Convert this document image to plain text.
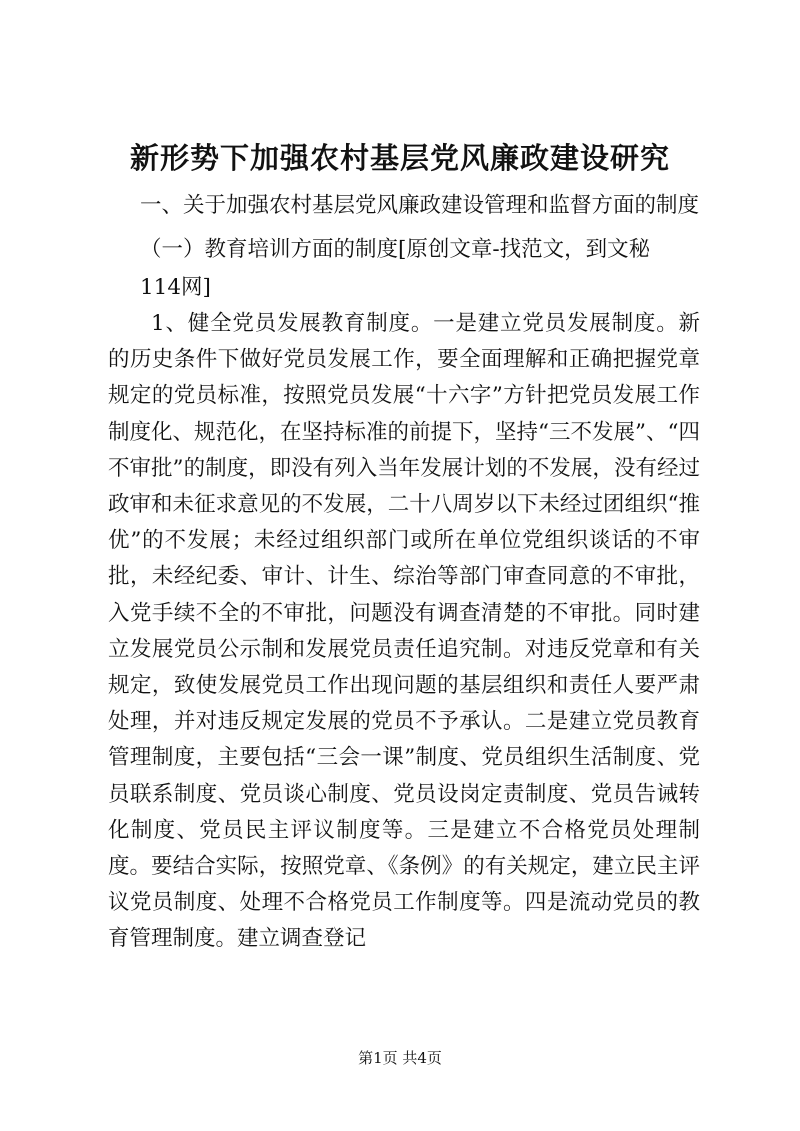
新形势下加强农村基层党风廉政建设研究
一、关于加强农村基层党风廉政建设管理和监督方面的制度
（一）教育培训方面的制度[原创文章-找范文，到文秘
114网]

1、健全党员发展教育制度。一是建立党员发展制度。新的历史条件下做好党员发展工作，要全面理解和正确把握党章规定的党员标准，按照党员发展“十六字”方针把党员发展工作制度化、规范化，在坚持标准的前提下，坚持“三不发展”、“四不审批”的制度，即没有列入当年发展计划的不发展，没有经过政审和未征求意见的不发展，二十八周岁以下未经过团组织“推优”的不发展；未经过组织部门或所在单位党组织谈话的不审批，未经纪委、审计、计生、综治等部门审查同意的不审批，入党手续不全的不审批，问题没有调查清楚的不审批。同时建立发展党员公示制和发展党员责任追究制。对违反党章和有关规定，致使发展党员工作出现问题的基层组织和责任人要严肃处理，并对违反规定发展的党员不予承认。二是建立党员教育管理制度，主要包括“三会一课”制度、党员组织生活制度、党员联系制度、党员谈心制度、党员设岗定责制度、党员告诫转化制度、党员民主评议制度等。三是建立不合格党员处理制度。要结合实际，按照党章、《条例》的有关规定，建立民主评议党员制度、处理不合格党员工作制度等。四是流动党员的教育管理制度。建立调查登记

第1页 共4页
